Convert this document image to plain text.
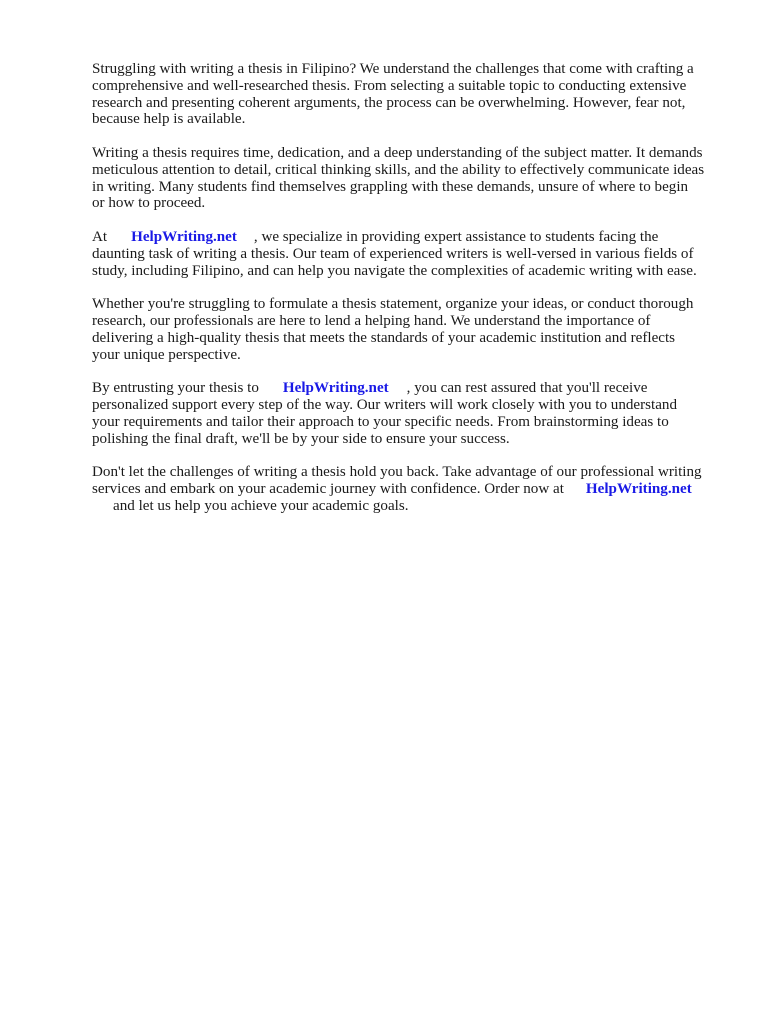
Struggling with writing a thesis in Filipino? We understand the challenges that come with crafting a
comprehensive and well-researched thesis. From selecting a suitable topic to conducting extensive
research and presenting coherent arguments, the process can be overwhelming. However, fear not,
because help is available.

Writing a thesis requires time, dedication, and a deep understanding of the subject matter. It demands
meticulous attention to detail, critical thinking skills, and the ability to effectively communicate ideas
in writing. Many students find themselves grappling with these demands, unsure of where to begin
or how to proceed.

At HelpWriting.net , we specialize in providing expert assistance to students facing the
daunting task of writing a thesis. Our team of experienced writers is well-versed in various fields of
study, including Filipino, and can help you navigate the complexities of academic writing with ease.

Whether you're struggling to formulate a thesis statement, organize your ideas, or conduct thorough
research, our professionals are here to lend a helping hand. We understand the importance of
delivering a high-quality thesis that meets the standards of your academic institution and reflects
your unique perspective.

By entrusting your thesis to HelpWriting.net , you can rest assured that you'll receive
personalized support every step of the way. Our writers will work closely with you to understand
your requirements and tailor their approach to your specific needs. From brainstorming ideas to
polishing the final draft, we'll be by your side to ensure your success.

Don't let the challenges of writing a thesis hold you back. Take advantage of our professional writing
services and embark on your academic journey with confidence. Order now at HelpWriting.net
and let us help you achieve your academic goals.
